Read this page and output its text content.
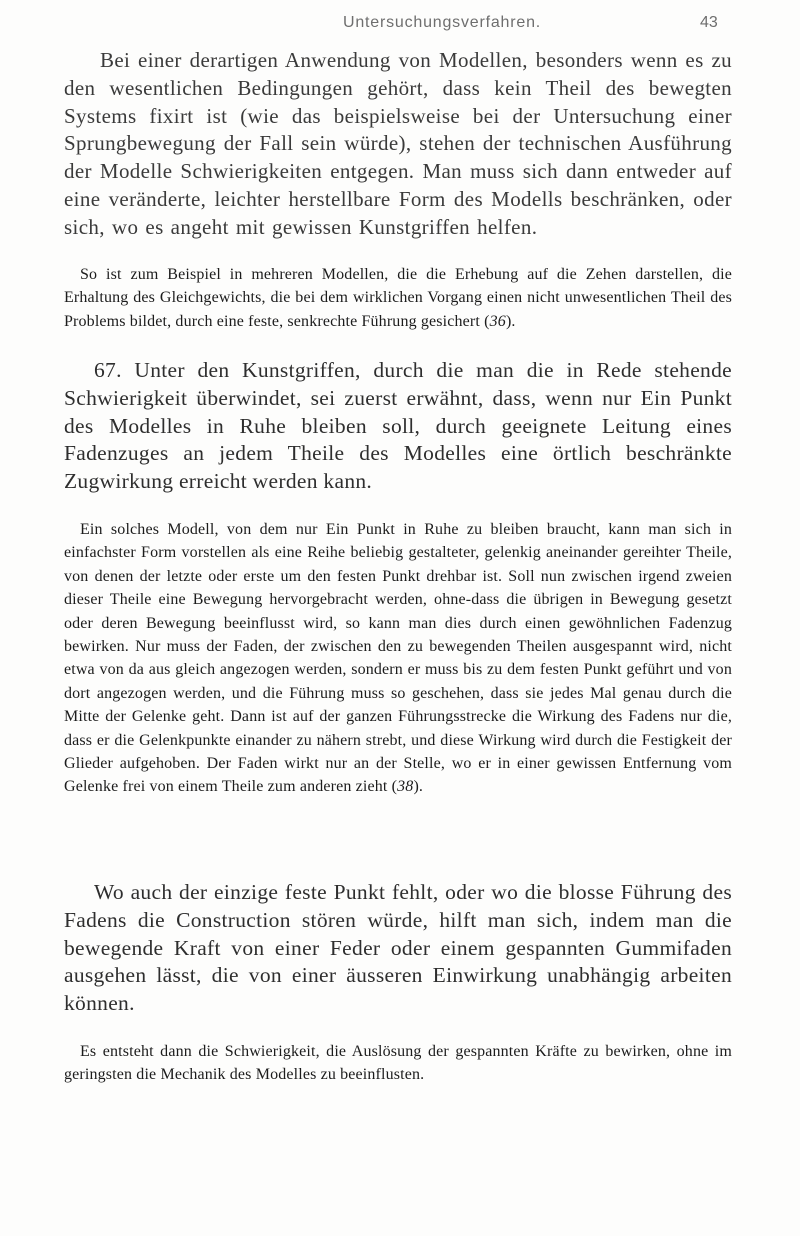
Untersuchungsverfahren.	43

Bei einer derartigen Anwendung von Modellen, besonders wenn es zu den wesentlichen Bedingungen gehört, dass kein Theil des bewegten Systems fixirt ist (wie das beispielsweise bei der Untersuchung einer Sprungbewegung der Fall sein würde), stehen der technischen Ausführung der Modelle Schwierigkeiten entgegen. Man muss sich dann entweder auf eine veränderte, leichter herstellbare Form des Modells beschränken, oder sich, wo es angeht mit gewissen Kunstgriffen helfen.

So ist zum Beispiel in mehreren Modellen, die die Erhebung auf die Zehen darstellen, die Erhaltung des Gleichgewichts, die bei dem wirklichen Vorgang einen nicht unwesentlichen Theil des Problems bildet, durch eine feste, senkrechte Führung gesichert (36).

67. Unter den Kunstgriffen, durch die man die in Rede stehende Schwierigkeit überwindet, sei zuerst erwähnt, dass, wenn nur Ein Punkt des Modelles in Ruhe bleiben soll, durch geeignete Leitung eines Fadenzuges an jedem Theile des Modelles eine örtlich beschränkte Zugwirkung erreicht werden kann.

Ein solches Modell, von dem nur Ein Punkt in Ruhe zu bleiben braucht, kann man sich in einfachster Form vorstellen als eine Reihe beliebig gestalteter, gelenkig aneinander gereihter Theile, von denen der letzte oder erste um den festen Punkt drehbar ist. Soll nun zwischen irgend zweien dieser Theile eine Bewegung hervorgebracht werden, ohne-dass die übrigen in Bewegung gesetzt oder deren Bewegung beeinflusst wird, so kann man dies durch einen gewöhnlichen Fadenzug bewirken. Nur muss der Faden, der zwischen den zu bewegenden Theilen ausgespannt wird, nicht etwa von da aus gleich angezogen werden, sondern er muss bis zu dem festen Punkt geführt und von dort angezogen werden, und die Führung muss so geschehen, dass sie jedes Mal genau durch die Mitte der Gelenke geht. Dann ist auf der ganzen Führungsstrecke die Wirkung des Fadens nur die, dass er die Gelenkpunkte einander zu nähern strebt, und diese Wirkung wird durch die Festigkeit der Glieder aufgehoben. Der Faden wirkt nur an der Stelle, wo er in einer gewissen Entfernung vom Gelenke frei von einem Theile zum anderen zieht (38).

Wo auch der einzige feste Punkt fehlt, oder wo die blosse Führung des Fadens die Construction stören würde, hilft man sich, indem man die bewegende Kraft von einer Feder oder einem gespannten Gummifaden ausgehen lässt, die von einer äusseren Einwirkung unabhängig arbeiten können.

Es entsteht dann die Schwierigkeit, die Auslösung der gespannten Kräfte zu bewirken, ohne im geringsten die Mechanik des Modelles zu beeinflusten.
